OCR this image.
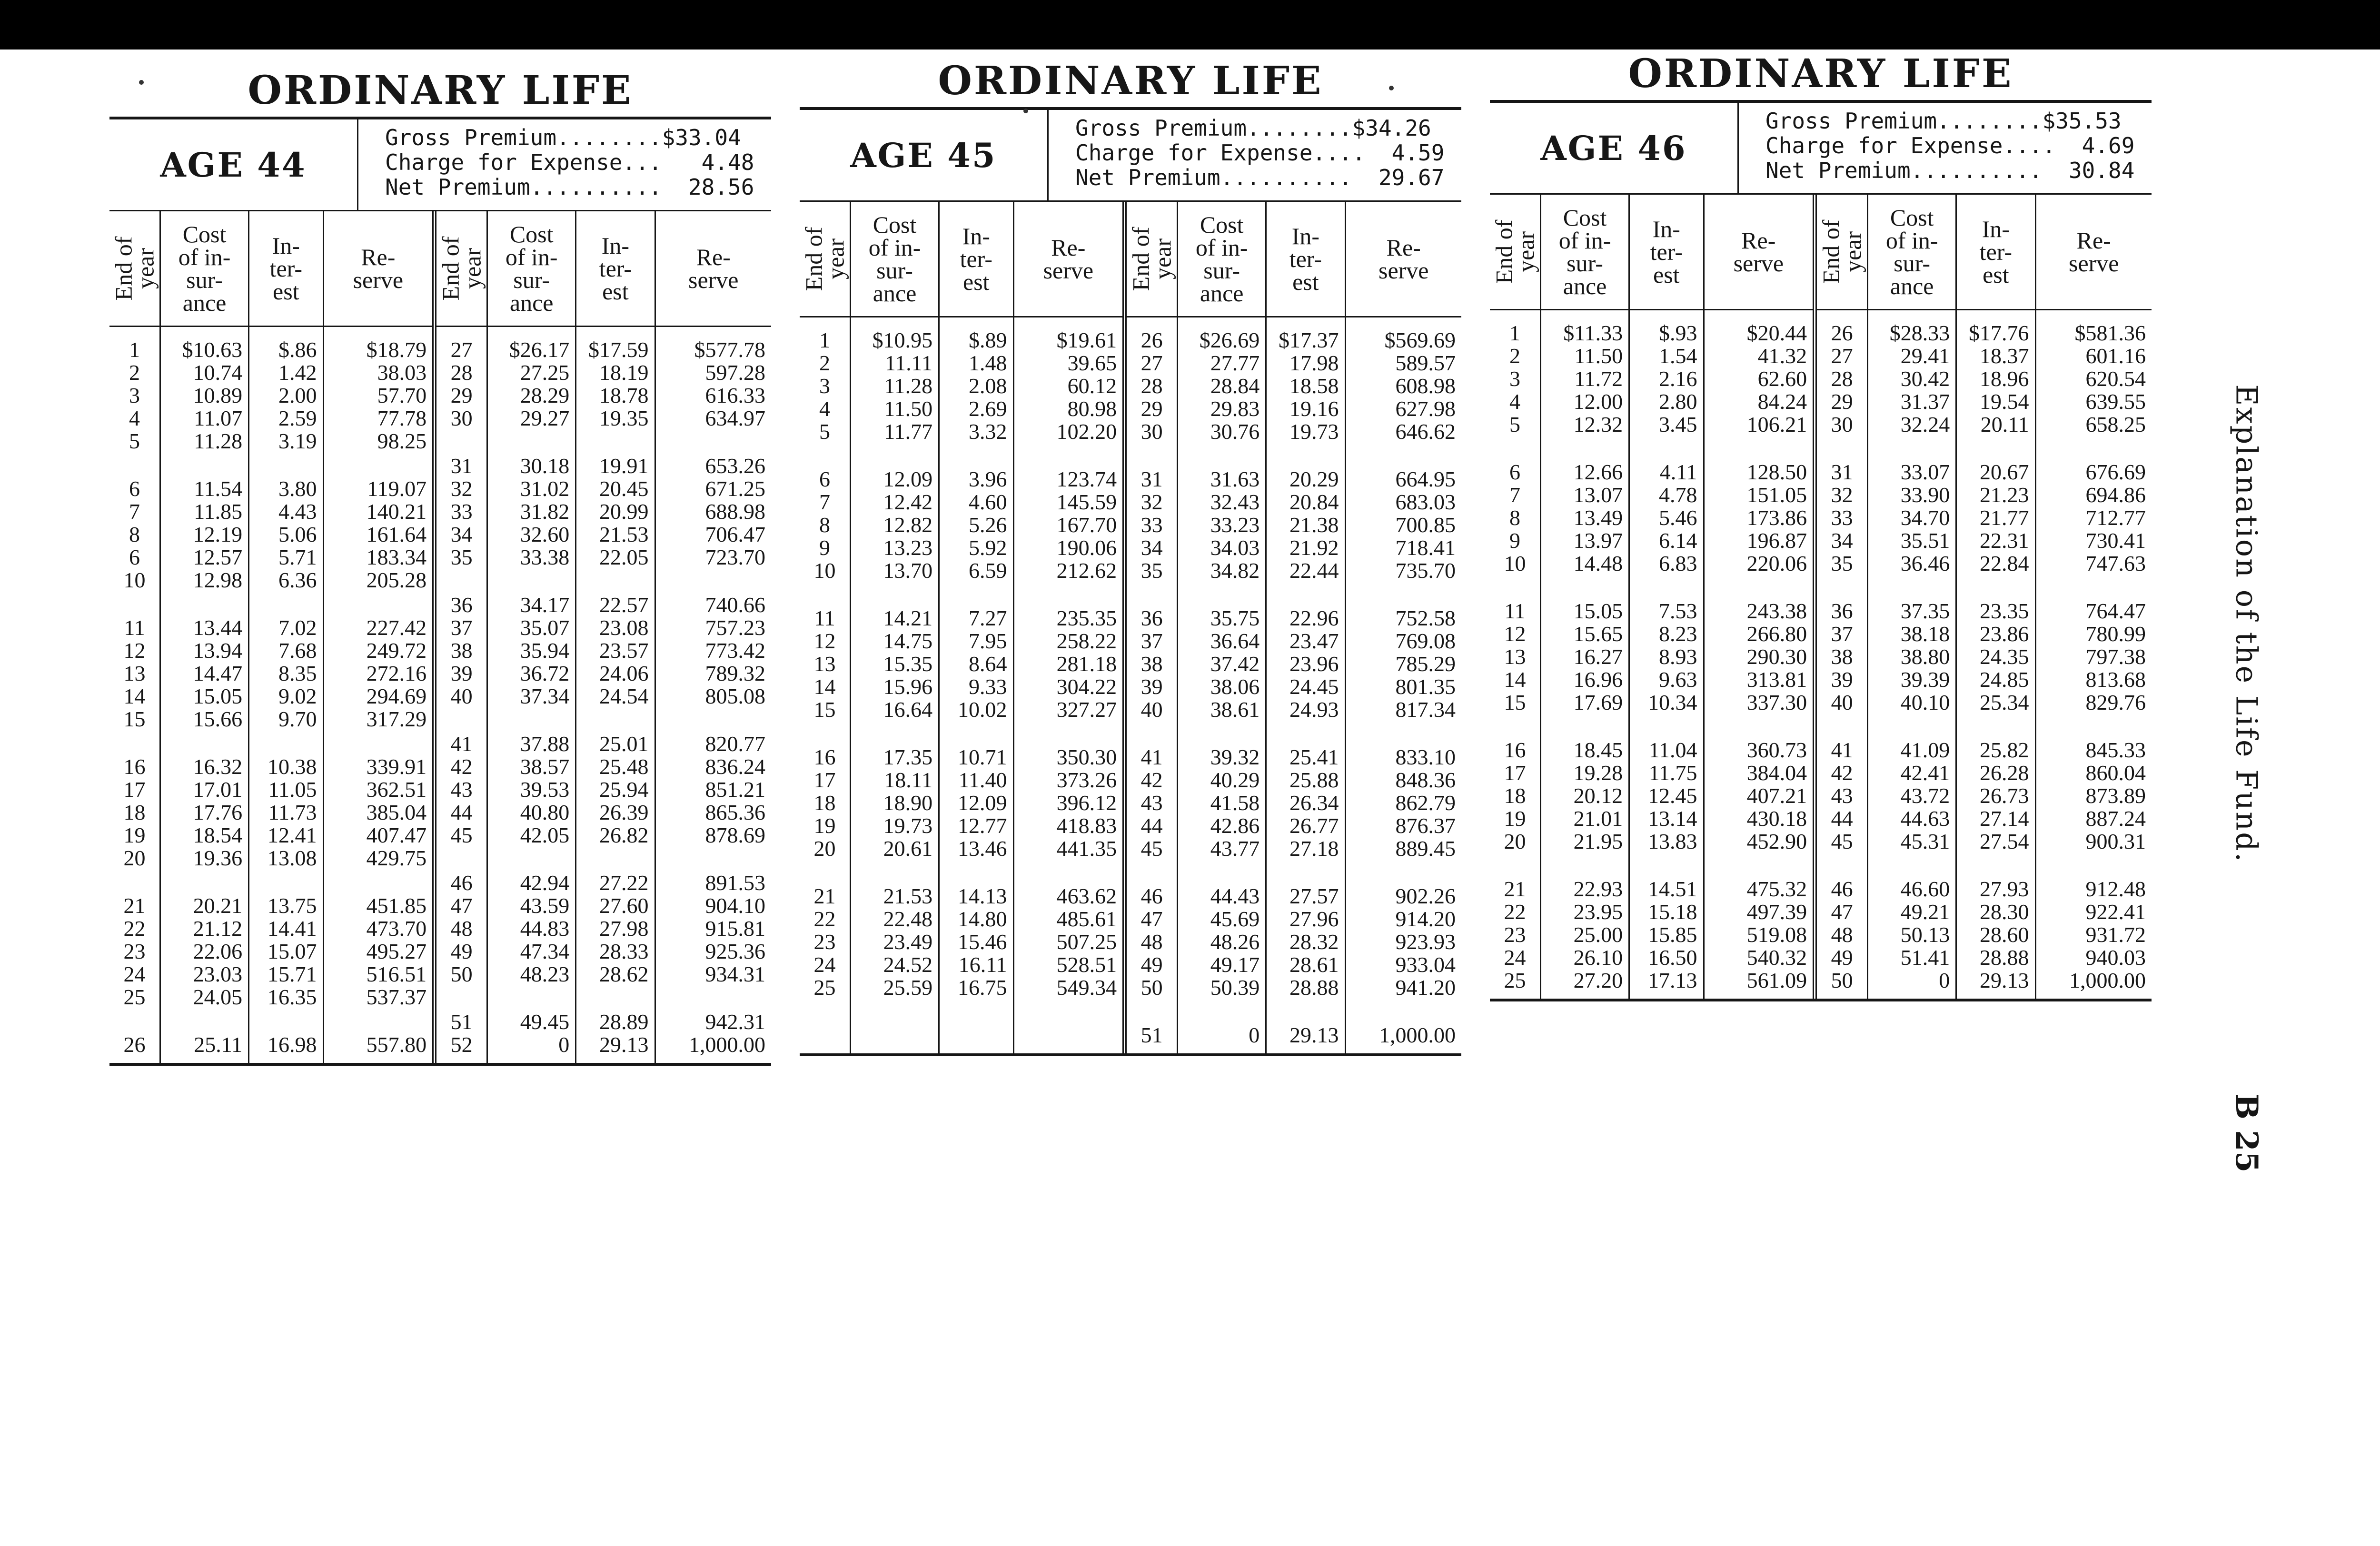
ORDINARY LIFE
AGE 44
Gross Premium........$33.04
Charge for Expense...   4.48
Net Premium..........  28.56
End of
year
1
2
3
4
5
6
7
8
6
10
11
12
13
14
15
16
17
18
19
20
21
22
23
24
25
26
Cost
of in-
sur-
ance
$10.63
10.74
10.89
11.07
11.28
11.54
11.85
12.19
12.57
12.98
13.44
13.94
14.47
15.05
15.66
16.32
17.01
17.76
18.54
19.36
20.21
21.12
22.06
23.03
24.05
25.11
In-
ter-
est
$.86
1.42
2.00
2.59
3.19
3.80
4.43
5.06
5.71
6.36
7.02
7.68
8.35
9.02
9.70
10.38
11.05
11.73
12.41
13.08
13.75
14.41
15.07
15.71
16.35
16.98
Re-
serve
$18.79
38.03
57.70
77.78
98.25
119.07
140.21
161.64
183.34
205.28
227.42
249.72
272.16
294.69
317.29
339.91
362.51
385.04
407.47
429.75
451.85
473.70
495.27
516.51
537.37
557.80
End of
year
27
28
29
30
31
32
33
34
35
36
37
38
39
40
41
42
43
44
45
46
47
48
49
50
51
52
Cost
of in-
sur-
ance
$26.17
27.25
28.29
29.27
30.18
31.02
31.82
32.60
33.38
34.17
35.07
35.94
36.72
37.34
37.88
38.57
39.53
40.80
42.05
42.94
43.59
44.83
47.34
48.23
49.45
0
In-
ter-
est
$17.59
18.19
18.78
19.35
19.91
20.45
20.99
21.53
22.05
22.57
23.08
23.57
24.06
24.54
25.01
25.48
25.94
26.39
26.82
27.22
27.60
27.98
28.33
28.62
28.89
29.13
Re-
serve
$577.78
597.28
616.33
634.97
653.26
671.25
688.98
706.47
723.70
740.66
757.23
773.42
789.32
805.08
820.77
836.24
851.21
865.36
878.69
891.53
904.10
915.81
925.36
934.31
942.31
1,000.00
ORDINARY LIFE
AGE 45
Gross Premium........$34.26
Charge for Expense....  4.59
Net Premium..........  29.67
End of
year
1
2
3
4
5
6
7
8
9
10
11
12
13
14
15
16
17
18
19
20
21
22
23
24
25
Cost
of in-
sur-
ance
$10.95
11.11
11.28
11.50
11.77
12.09
12.42
12.82
13.23
13.70
14.21
14.75
15.35
15.96
16.64
17.35
18.11
18.90
19.73
20.61
21.53
22.48
23.49
24.52
25.59
In-
ter-
est
$.89
1.48
2.08
2.69
3.32
3.96
4.60
5.26
5.92
6.59
7.27
7.95
8.64
9.33
10.02
10.71
11.40
12.09
12.77
13.46
14.13
14.80
15.46
16.11
16.75
Re-
serve
$19.61
39.65
60.12
80.98
102.20
123.74
145.59
167.70
190.06
212.62
235.35
258.22
281.18
304.22
327.27
350.30
373.26
396.12
418.83
441.35
463.62
485.61
507.25
528.51
549.34
End of
year
26
27
28
29
30
31
32
33
34
35
36
37
38
39
40
41
42
43
44
45
46
47
48
49
50
51
Cost
of in-
sur-
ance
$26.69
27.77
28.84
29.83
30.76
31.63
32.43
33.23
34.03
34.82
35.75
36.64
37.42
38.06
38.61
39.32
40.29
41.58
42.86
43.77
44.43
45.69
48.26
49.17
50.39
0
In-
ter-
est
$17.37
17.98
18.58
19.16
19.73
20.29
20.84
21.38
21.92
22.44
22.96
23.47
23.96
24.45
24.93
25.41
25.88
26.34
26.77
27.18
27.57
27.96
28.32
28.61
28.88
29.13
Re-
serve
$569.69
589.57
608.98
627.98
646.62
664.95
683.03
700.85
718.41
735.70
752.58
769.08
785.29
801.35
817.34
833.10
848.36
862.79
876.37
889.45
902.26
914.20
923.93
933.04
941.20
1,000.00
ORDINARY LIFE
AGE 46
Gross Premium........$35.53
Charge for Expense....  4.69
Net Premium..........  30.84
End of
year
1
2
3
4
5
6
7
8
9
10
11
12
13
14
15
16
17
18
19
20
21
22
23
24
25
Cost
of in-
sur-
ance
$11.33
11.50
11.72
12.00
12.32
12.66
13.07
13.49
13.97
14.48
15.05
15.65
16.27
16.96
17.69
18.45
19.28
20.12
21.01
21.95
22.93
23.95
25.00
26.10
27.20
In-
ter-
est
$.93
1.54
2.16
2.80
3.45
4.11
4.78
5.46
6.14
6.83
7.53
8.23
8.93
9.63
10.34
11.04
11.75
12.45
13.14
13.83
14.51
15.18
15.85
16.50
17.13
Re-
serve
$20.44
41.32
62.60
84.24
106.21
128.50
151.05
173.86
196.87
220.06
243.38
266.80
290.30
313.81
337.30
360.73
384.04
407.21
430.18
452.90
475.32
497.39
519.08
540.32
561.09
End of
year
26
27
28
29
30
31
32
33
34
35
36
37
38
39
40
41
42
43
44
45
46
47
48
49
50
Cost
of in-
sur-
ance
$28.33
29.41
30.42
31.37
32.24
33.07
33.90
34.70
35.51
36.46
37.35
38.18
38.80
39.39
40.10
41.09
42.41
43.72
44.63
45.31
46.60
49.21
50.13
51.41
0
In-
ter-
est
$17.76
18.37
18.96
19.54
20.11
20.67
21.23
21.77
22.31
22.84
23.35
23.86
24.35
24.85
25.34
25.82
26.28
26.73
27.14
27.54
27.93
28.30
28.60
28.88
29.13
Re-
serve
$581.36
601.16
620.54
639.55
658.25
676.69
694.86
712.77
730.41
747.63
764.47
780.99
797.38
813.68
829.76
845.33
860.04
873.89
887.24
900.31
912.48
922.41
931.72
940.03
1,000.00
Explanation of the Life Fund.
B 25
